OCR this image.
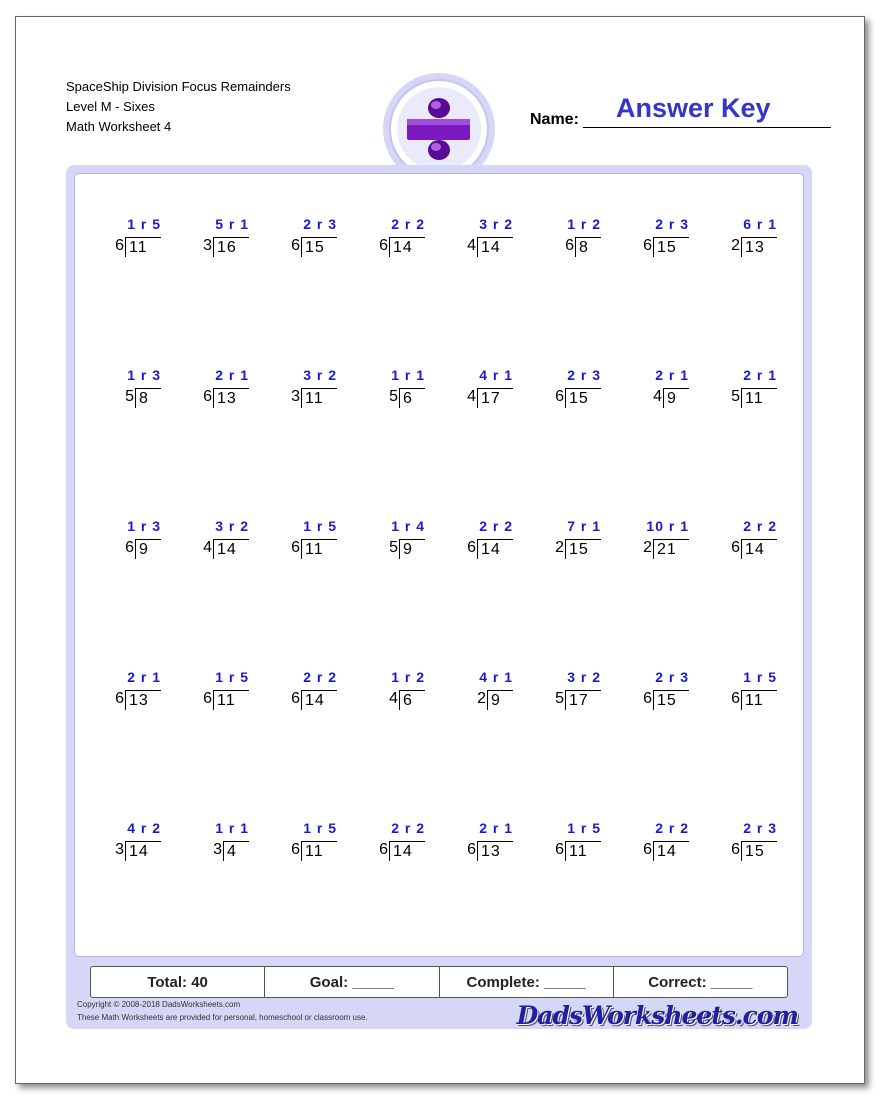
SpaceShip Division Focus Remainders
Level M - Sixes
Math Worksheet 4	Name: Answer Key
1 r 5
6 11
5 r 1
3 16
2 r 3
6 15
2 r 2
6 14
3 r 2
4 14
1 r 2
6 8
2 r 3
6 15
6 r 1
2 13
1 r 3
5 8
2 r 1
6 13
3 r 2
3 11
1 r 1
5 6
4 r 1
4 17
2 r 3
6 15
2 r 1
4 9
2 r 1
5 11
1 r 3
6 9
3 r 2
4 14
1 r 5
6 11
1 r 4
5 9
2 r 2
6 14
7 r 1
2 15
10 r 1
2 21
2 r 2
6 14
2 r 1
6 13
1 r 5
6 11
2 r 2
6 14
1 r 2
4 6
4 r 1
2 9
3 r 2
5 17
2 r 3
6 15
1 r 5
6 11
4 r 2
3 14
1 r 1
3 4
1 r 5
6 11
2 r 2
6 14
2 r 1
6 13
1 r 5
6 11
2 r 2
6 14
2 r 3
6 15
Total: 40	Goal: _____	Complete: _____	Correct: _____
Copyright © 2008-2018 DadsWorksheets.com
These Math Worksheets are provided for personal, homeschool or classroom use.	DadsWorksheets.com
